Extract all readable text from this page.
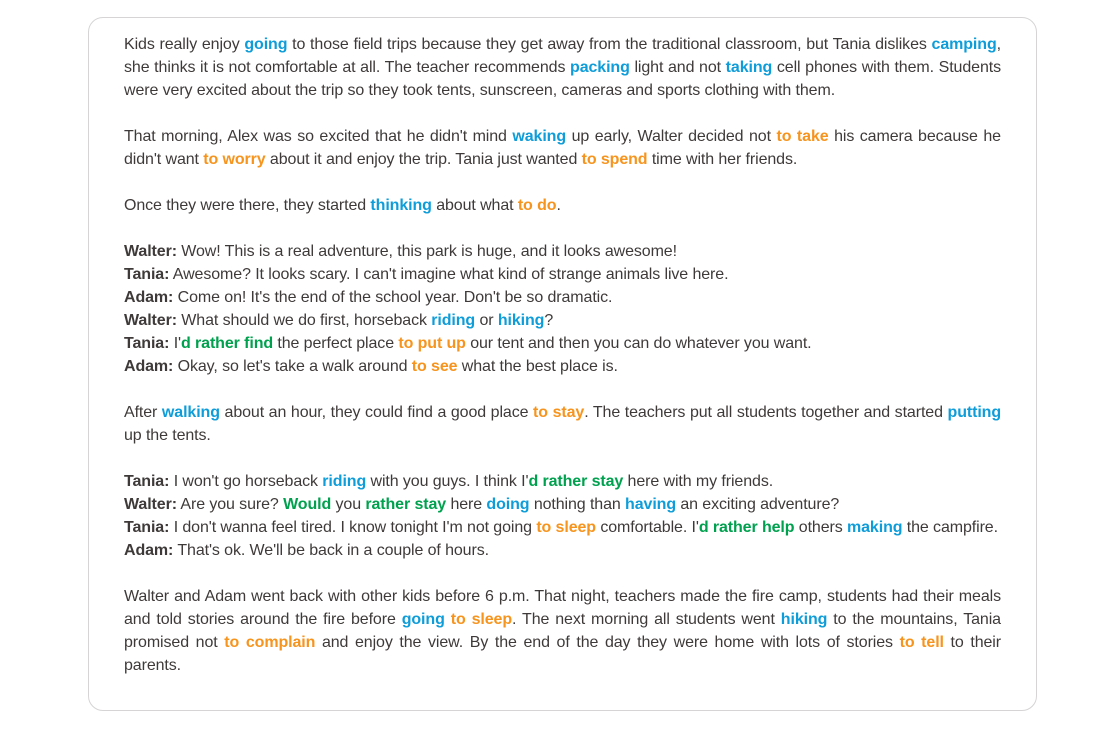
Kids really enjoy going to those field trips because they get away from the traditional classroom, but Tania dislikes camping, she thinks it is not comfortable at all. The teacher recommends packing light and not taking cell phones with them. Students were very excited about the trip so they took tents, sunscreen, cameras and sports clothing with them.
That morning, Alex was so excited that he didn't mind waking up early, Walter decided not to take his camera because he didn't want to worry about it and enjoy the trip. Tania just wanted to spend time with her friends.
Once they were there, they started thinking about what to do.
Walter: Wow! This is a real adventure, this park is huge, and it looks awesome!
Tania: Awesome? It looks scary. I can't imagine what kind of strange animals live here.
Adam: Come on! It's the end of the school year. Don't be so dramatic.
Walter: What should we do first, horseback riding or hiking?
Tania: I'd rather find the perfect place to put up our tent and then you can do whatever you want.
Adam: Okay, so let's take a walk around to see what the best place is.
After walking about an hour, they could find a good place to stay. The teachers put all students together and started putting up the tents.
Tania: I won't go horseback riding with you guys. I think I'd rather stay here with my friends.
Walter: Are you sure? Would you rather stay here doing nothing than having an exciting adventure?
Tania: I don't wanna feel tired. I know tonight I'm not going to sleep comfortable. I'd rather help others making the campfire.
Adam: That's ok. We'll be back in a couple of hours.
Walter and Adam went back with other kids before 6 p.m. That night, teachers made the fire camp, students had their meals and told stories around the fire before going to sleep. The next morning all students went hiking to the mountains, Tania promised not to complain and enjoy the view. By the end of the day they were home with lots of stories to tell to their parents.
